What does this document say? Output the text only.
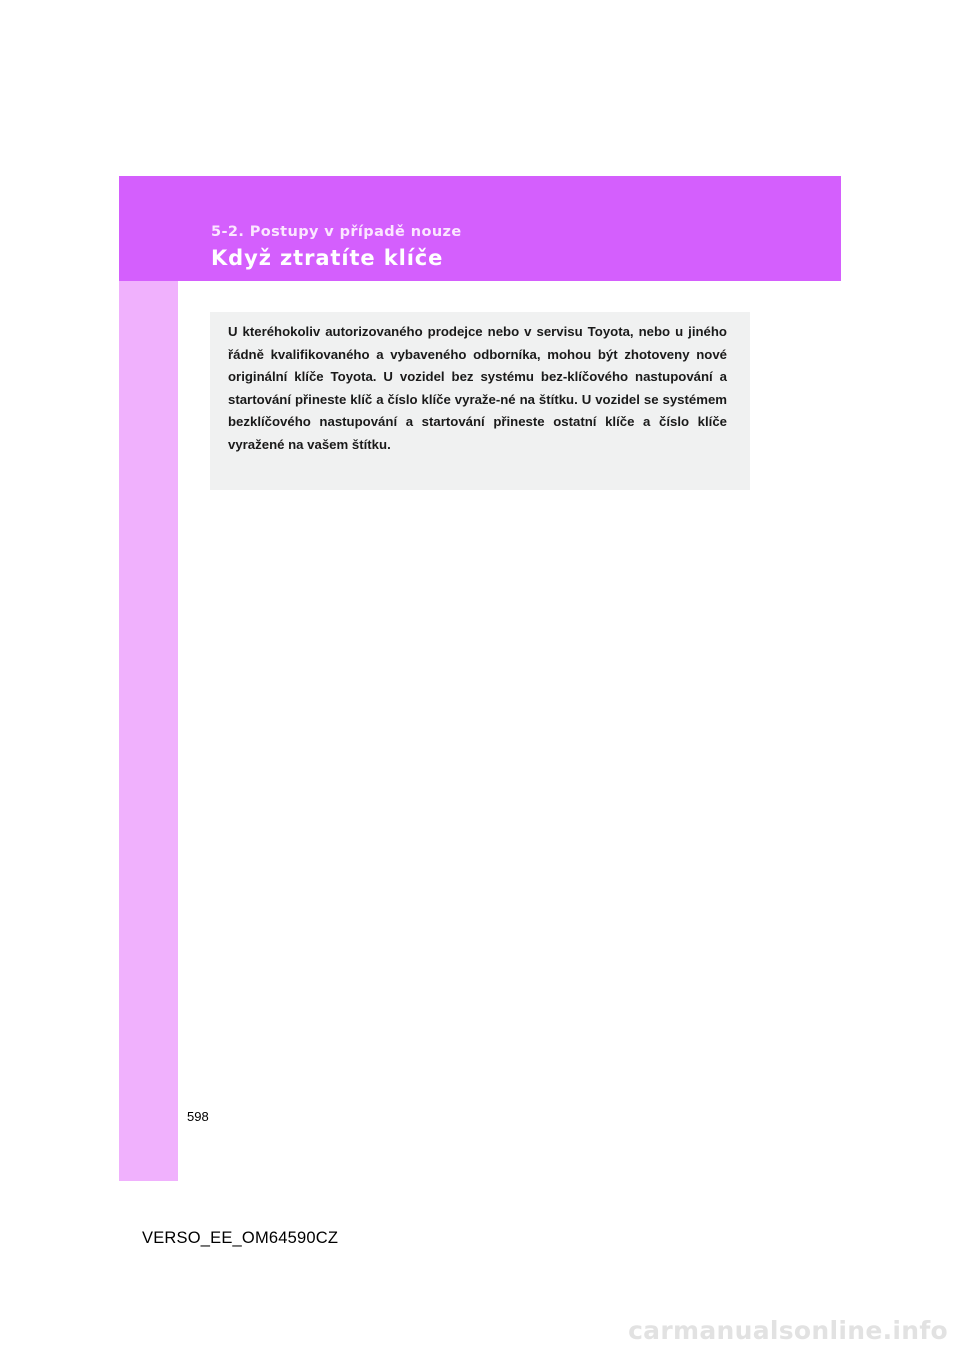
5-2. Postupy v případě nouze
Když ztratíte klíče
598

U kteréhokoliv autorizovaného prodejce nebo v servisu Toyota, nebo u jiného řádně kvalifikovaného a vybaveného odborníka, mohou být zhotoveny nové originální klíče Toyota. U vozidel bez systému bez-klíčového nastupování a startování přineste klíč a číslo klíče vyraže-né na štítku. U vozidel se systémem bezklíčového nastupování a startování přineste ostatní klíče a číslo klíče vyražené na vašem štítku.

VERSO_EE_OM64590CZ
carmanualsonline.info
